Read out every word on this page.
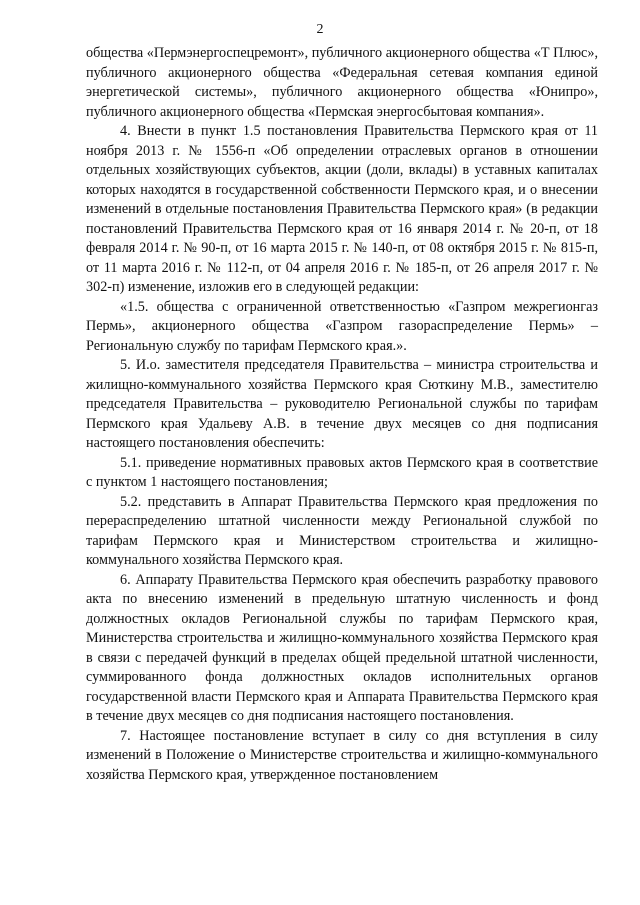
2

общества «Пермэнергоспецремонт», публичного акционерного общества «Т Плюс», публичного акционерного общества «Федеральная сетевая компания единой энергетической системы», публичного акционерного общества «Юнипро», публичного акционерного общества «Пермская энергосбытовая компания».

4. Внести в пункт 1.5 постановления Правительства Пермского края от 11 ноября 2013 г. № 1556-п «Об определении отраслевых органов в отношении отдельных хозяйствующих субъектов, акции (доли, вклады) в уставных капиталах которых находятся в государственной собственности Пермского края, и о внесении изменений в отдельные постановления Правительства Пермского края» (в редакции постановлений Правительства Пермского края от 16 января 2014 г. № 20-п, от 18 февраля 2014 г. № 90-п, от 16 марта 2015 г. № 140-п, от 08 октября 2015 г. № 815-п, от 11 марта 2016 г. № 112-п, от 04 апреля 2016 г. № 185-п, от 26 апреля 2017 г. № 302-п) изменение, изложив его в следующей редакции:

«1.5. общества с ограниченной ответственностью «Газпром межрегионгаз Пермь», акционерного общества «Газпром газораспределение Пермь» – Региональную службу по тарифам Пермского края.».

5. И.о. заместителя председателя Правительства – министра строительства и жилищно-коммунального хозяйства Пермского края Сюткину М.В., заместителю председателя Правительства – руководителю Региональной службы по тарифам Пермского края Удальеву А.В. в течение двух месяцев со дня подписания настоящего постановления обеспечить:

5.1. приведение нормативных правовых актов Пермского края в соответствие с пунктом 1 настоящего постановления;

5.2. представить в Аппарат Правительства Пермского края предложения по перераспределению штатной численности между Региональной службой по тарифам Пермского края и Министерством строительства и жилищно-коммунального хозяйства Пермского края.

6. Аппарату Правительства Пермского края обеспечить разработку правового акта по внесению изменений в предельную штатную численность и фонд должностных окладов Региональной службы по тарифам Пермского края, Министерства строительства и жилищно-коммунального хозяйства Пермского края в связи с передачей функций в пределах общей предельной штатной численности, суммированного фонда должностных окладов исполнительных органов государственной власти Пермского края и Аппарата Правительства Пермского края в течение двух месяцев со дня подписания настоящего постановления.

7. Настоящее постановление вступает в силу со дня вступления в силу изменений в Положение о Министерстве строительства и жилищно-коммунального хозяйства Пермского края, утвержденное постановлением
